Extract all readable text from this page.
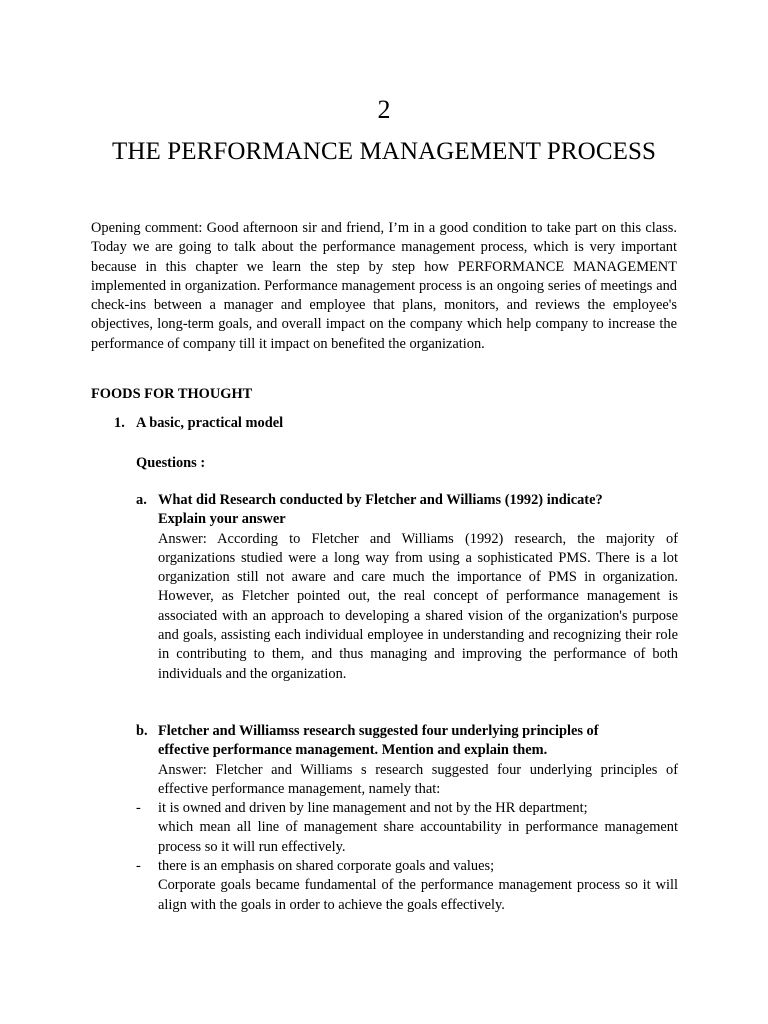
2
THE PERFORMANCE MANAGEMENT PROCESS

Opening comment: Good afternoon sir and friend, I’m in a good condition to take part on this class. Today we are going to talk about the performance management process, which is very important because in this chapter we learn the step by step how PERFORMANCE MANAGEMENT implemented in organization. Performance management process is an ongoing series of meetings and check-ins between a manager and employee that plans, monitors, and reviews the employee's objectives, long-term goals, and overall impact on the company which help company to increase the performance of company till it impact on benefited the organization.

FOODS FOR THOUGHT
1. A basic, practical model
Questions :
a. What did Research conducted by Fletcher and Williams (1992) indicate?
Explain your answer

Answer: According to Fletcher and Williams (1992) research, the majority of organizations studied were a long way from using a sophisticated PMS. There is a lot organization still not aware and care much the importance of PMS in organization. However, as Fletcher pointed out, the real concept of performance management is associated with an approach to developing a shared vision of the organization's purpose and goals, assisting each individual employee in understanding and recognizing their role in contributing to them, and thus managing and improving the performance of both individuals and the organization.

b. Fletcher and Williamss research suggested four underlying principles of
effective performance management. Mention and explain them.

Answer: Fletcher and Williams s research suggested four underlying principles of effective performance management, namely that:

- it is owned and driven by line management and not by the HR department;
which mean all line of management share accountability in performance management process so it will run effectively.
- there is an emphasis on shared corporate goals and values;
Corporate goals became fundamental of the performance management process so it will align with the goals in order to achieve the goals effectively.
